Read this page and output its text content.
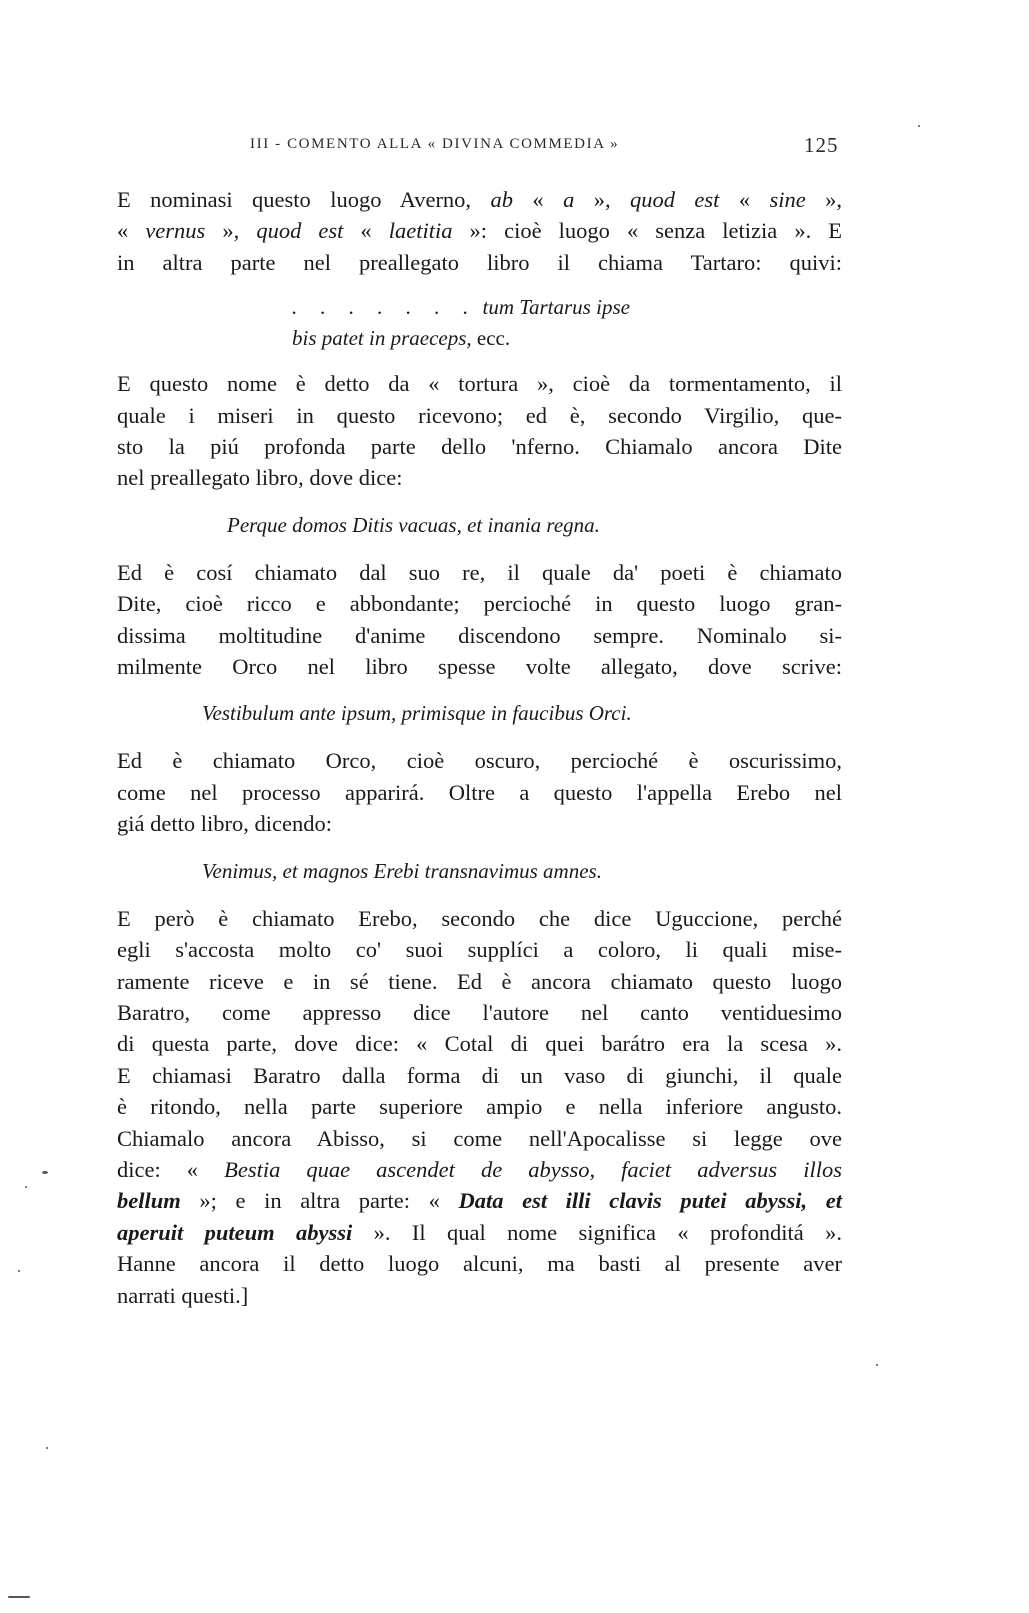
III - COMENTO ALLA « DIVINA COMMEDIA »	125
E nominasi questo luogo Averno, ab « a », quod est « sine »,
« vernus », quod est « laetitia »: cioè luogo « senza letizia ». E
in altra parte nel preallegato libro il chiama Tartaro: quivi:
. . . . . . . tum Tartarus ipse
bis patet in praeceps, ecc.
E questo nome è detto da « tortura », cioè da tormentamento, il
quale i miseri in questo ricevono; ed è, secondo Virgilio, que-
sto la piú profonda parte dello 'nferno. Chiamalo ancora Dite
nel preallegato libro, dove dice:
Perque domos Ditis vacuas, et inania regna.
Ed è cosí chiamato dal suo re, il quale da' poeti è chiamato
Dite, cioè ricco e abbondante; percioché in questo luogo gran-
dissima moltitudine d'anime discendono sempre. Nominalo si-
milmente Orco nel libro spesse volte allegato, dove scrive:
Vestibulum ante ipsum, primisque in faucibus Orci.
Ed è chiamato Orco, cioè oscuro, percioché è oscurissimo,
come nel processo apparirá. Oltre a questo l'appella Erebo nel
giá detto libro, dicendo:
Venimus, et magnos Erebi transnavimus amnes.
E però è chiamato Erebo, secondo che dice Uguccione, perché
egli s'accosta molto co' suoi supplíci a coloro, li quali mise-
ramente riceve e in sé tiene. Ed è ancora chiamato questo luogo
Baratro, come appresso dice l'autore nel canto ventiduesimo
di questa parte, dove dice: « Cotal di quei barátro era la scesa ».
E chiamasi Baratro dalla forma di un vaso di giunchi, il quale
è ritondo, nella parte superiore ampio e nella inferiore angusto.
Chiamalo ancora Abisso, si come nell'Apocalisse si legge ove
dice: « Bestia quae ascendet de abysso, faciet adversus illos
bellum »; e in altra parte: « Data est illi clavis putei abyssi, et
aperuit puteum abyssi ». Il qual nome significa « profonditá ».
Hanne ancora il detto luogo alcuni, ma basti al presente aver
narrati questi.]
